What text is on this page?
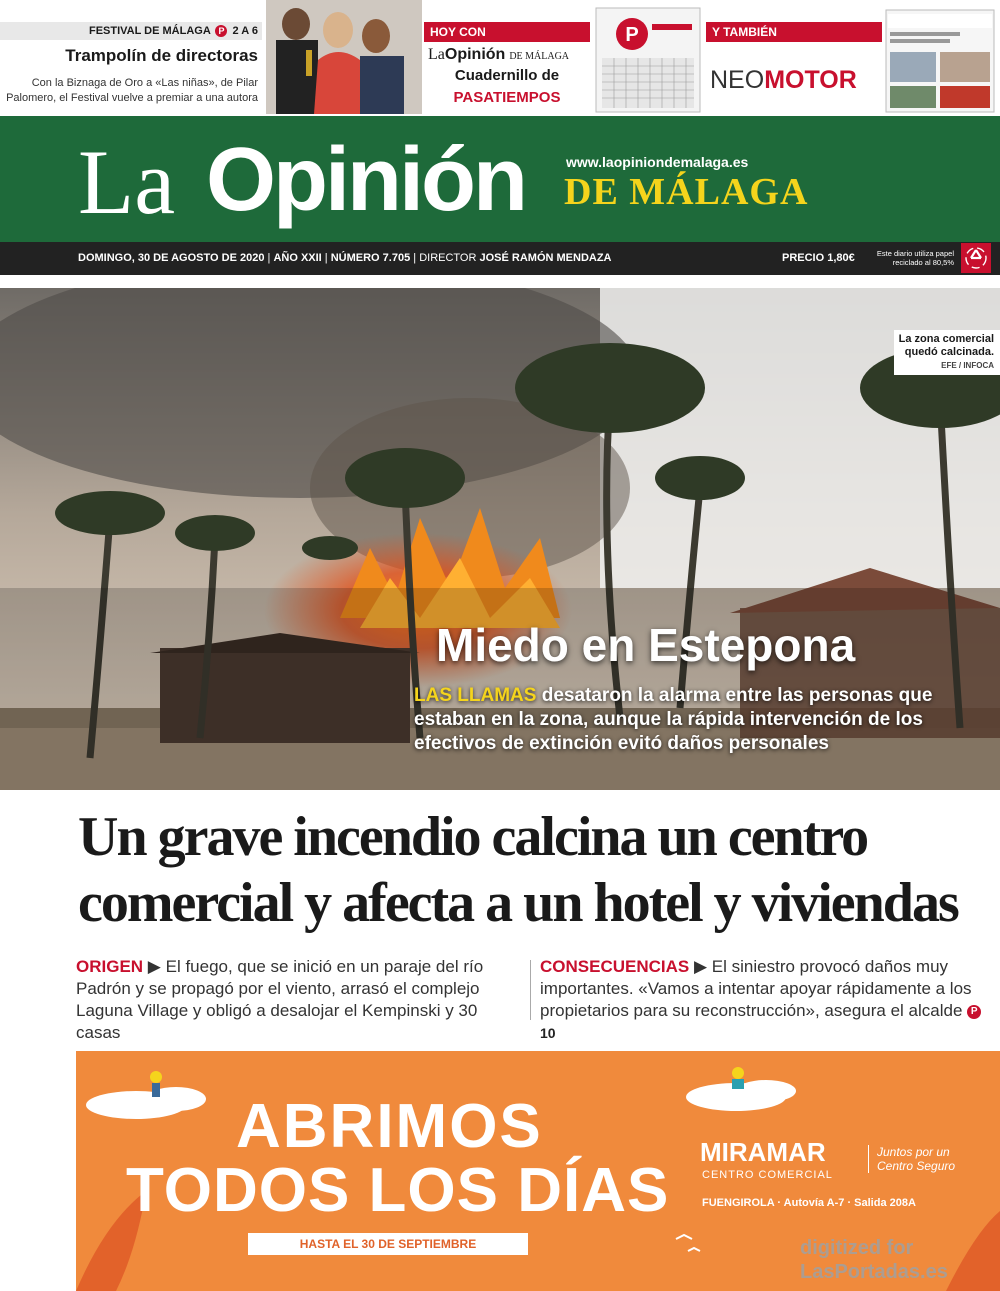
FESTIVAL DE MÁLAGA P 2 A 6
Trampolín de directoras
Con la Biznaga de Oro a «Las niñas», de Pilar Palomero, el Festival vuelve a premiar a una autora
HOY CON
LaOpinión DE MÁLAGA
Cuadernillo de
PASATIEMPOS
P	Y TAMBIÉN
NEOMOTOR
La Opinión	www.laopiniondemalaga.es
DE MÁLAGA
DOMINGO, 30 DE AGOSTO DE 2020 | AÑO XXII | NÚMERO 7.705 | DIRECTOR JOSÉ RAMÓN MENDAZA	PRECIO 1,80€	Este diario utiliza papel reciclado al 80,5%
La zona comercial quedó calcinada.
EFE / INFOCA
Miedo en Estepona
LAS LLAMAS desataron la alarma entre las personas que estaban en la zona, aunque la rápida intervención de los efectivos de extinción evitó daños personales
Un grave incendio calcina un centro comercial y afecta a un hotel y viviendas
ORIGEN ▶ El fuego, que se inició en un paraje del río Padrón y se propagó por el viento, arrasó el complejo Laguna Village y obligó a desalojar el Kempinski y 30 casas
CONSECUENCIAS ▶ El siniestro provocó daños muy importantes. «Vamos a intentar apoyar rápidamente a los propietarios para su reconstrucción», asegura el alcalde P 10
ABRIMOS
TODOS LOS DÍAS
HASTA EL 30 DE SEPTIEMBRE
MIRAMAR
CENTRO COMERCIAL
Juntos por un Centro Seguro
FUENGIROLA · Autovía A-7 · Salida 208A
digitized for
LasPortadas.es
